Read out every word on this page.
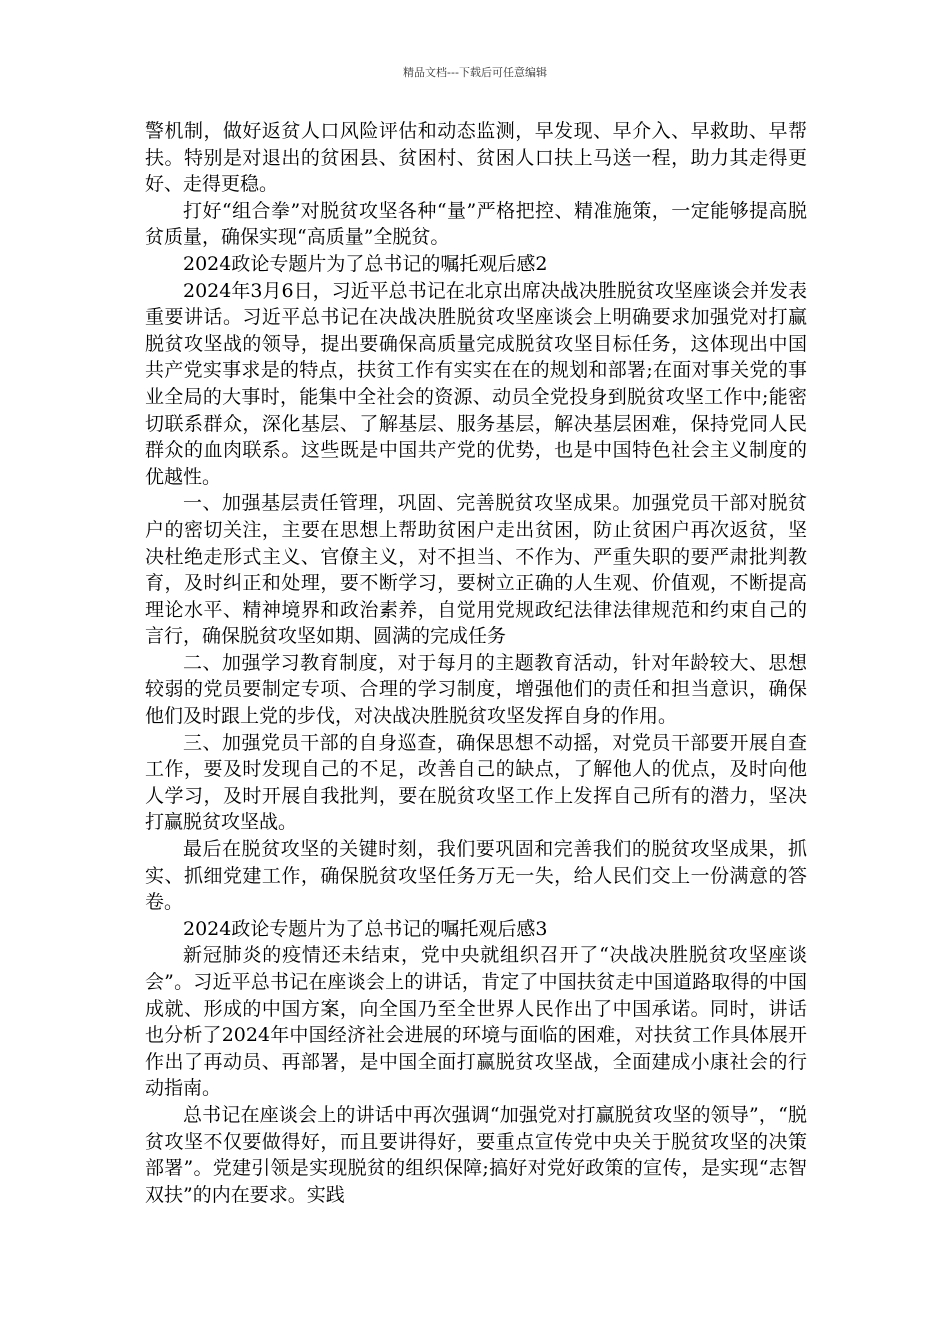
精品文档---下载后可任意编辑

警机制，做好返贫人口风险评估和动态监测，早发现、早介入、早救助、早帮扶。特别是对退出的贫困县、贫困村、贫困人口扶上马送一程，助力其走得更好、走得更稳。

打好“组合拳”对脱贫攻坚各种“量”严格把控、精准施策，一定能够提高脱贫质量，确保实现“高质量”全脱贫。

2024政论专题片为了总书记的嘱托观后感2

2024年3月6日，习近平总书记在北京出席决战决胜脱贫攻坚座谈会并发表重要讲话。习近平总书记在决战决胜脱贫攻坚座谈会上明确要求加强党对打赢脱贫攻坚战的领导，提出要确保高质量完成脱贫攻坚目标任务，这体现出中国共产党实事求是的特点，扶贫工作有实实在在的规划和部署;在面对事关党的事业全局的大事时，能集中全社会的资源、动员全党投身到脱贫攻坚工作中;能密切联系群众，深化基层、了解基层、服务基层，解决基层困难，保持党同人民群众的血肉联系。这些既是中国共产党的优势，也是中国特色社会主义制度的优越性。

一、加强基层责任管理，巩固、完善脱贫攻坚成果。加强党员干部对脱贫户的密切关注，主要在思想上帮助贫困户走出贫困，防止贫困户再次返贫，坚决杜绝走形式主义、官僚主义，对不担当、不作为、严重失职的要严肃批判教育，及时纠正和处理，要不断学习，要树立正确的人生观、价值观，不断提高理论水平、精神境界和政治素养，自觉用党规政纪法律法律规范和约束自己的言行，确保脱贫攻坚如期、圆满的完成任务

二、加强学习教育制度，对于每月的主题教育活动，针对年龄较大、思想较弱的党员要制定专项、合理的学习制度，增强他们的责任和担当意识，确保他们及时跟上党的步伐，对决战决胜脱贫攻坚发挥自身的作用。

三、加强党员干部的自身巡查，确保思想不动摇，对党员干部要开展自查工作，要及时发现自己的不足，改善自己的缺点，了解他人的优点，及时向他人学习，及时开展自我批判，要在脱贫攻坚工作上发挥自己所有的潜力，坚决打赢脱贫攻坚战。

最后在脱贫攻坚的关键时刻，我们要巩固和完善我们的脱贫攻坚成果，抓实、抓细党建工作，确保脱贫攻坚任务万无一失，给人民们交上一份满意的答卷。

2024政论专题片为了总书记的嘱托观后感3

新冠肺炎的疫情还未结束，党中央就组织召开了“决战决胜脱贫攻坚座谈会”。习近平总书记在座谈会上的讲话，肯定了中国扶贫走中国道路取得的中国成就、形成的中国方案，向全国乃至全世界人民作出了中国承诺。同时，讲话也分析了2024年中国经济社会进展的环境与面临的困难，对扶贫工作具体展开作出了再动员、再部署，是中国全面打赢脱贫攻坚战，全面建成小康社会的行动指南。

总书记在座谈会上的讲话中再次强调“加强党对打赢脱贫攻坚的领导”，“脱贫攻坚不仅要做得好，而且要讲得好，要重点宣传党中央关于脱贫攻坚的决策部署”。党建引领是实现脱贫的组织保障;搞好对党好政策的宣传，是实现“志智双扶”的内在要求。实践
